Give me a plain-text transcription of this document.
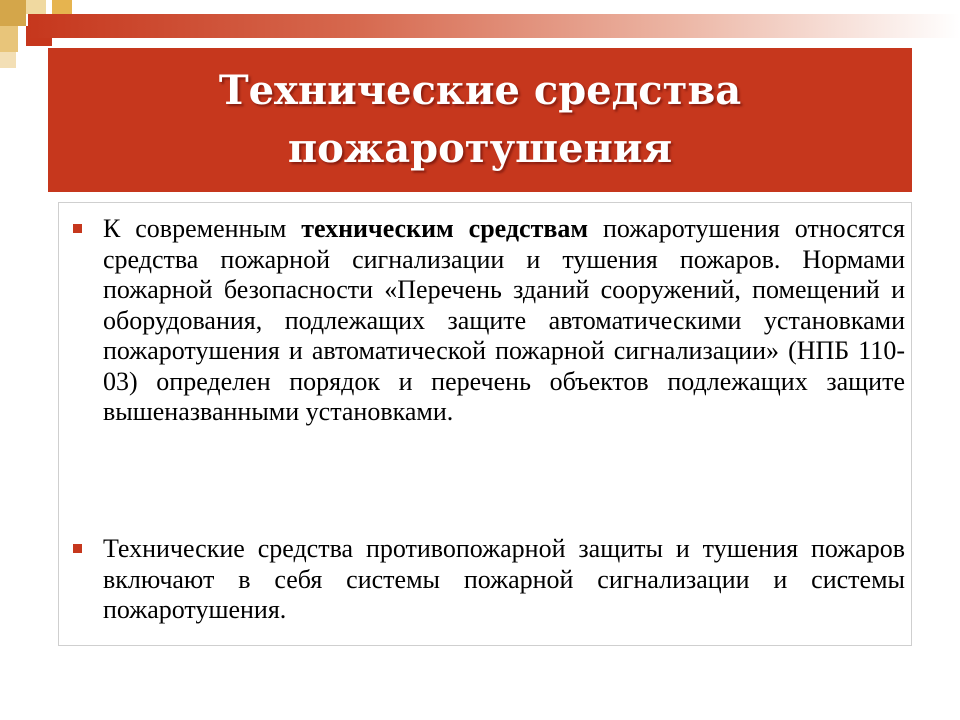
Технические средства пожаротушения

К современным техническим средствам пожаротушения относятся средства пожарной сигнализации и тушения пожаров. Нормами пожарной безопасности «Перечень зданий сооружений, помещений и оборудования, подлежащих защите автоматическими установками пожаротушения и автоматической пожарной сигнализации» (НПБ 110- 03) определен порядок и перечень объектов подлежащих защите вышеназванными установками.

Технические средства противопожарной защиты и тушения пожаров включают в себя системы пожарной сигнализации и системы пожаротушения.
